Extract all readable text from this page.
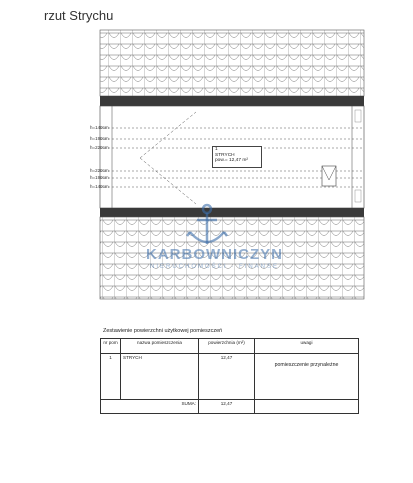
rzut Strychu
h=140cm
h=190cm
h=220cm
h=220cm
h=190cm
h=140cm
1
STRYCH
pow.= 12,47 m²
KARBOWNICZYN
NIERUCHOMOŚCI · FINANSE
Zestawienie powierzchni użytkowej pomieszczeń
nr pom	nazwa pomieszczenia	powierzchnia (m²)	uwagi
1	STRYCH	12,47	pomieszczenie przynależne
	SUMA:	12,47	
